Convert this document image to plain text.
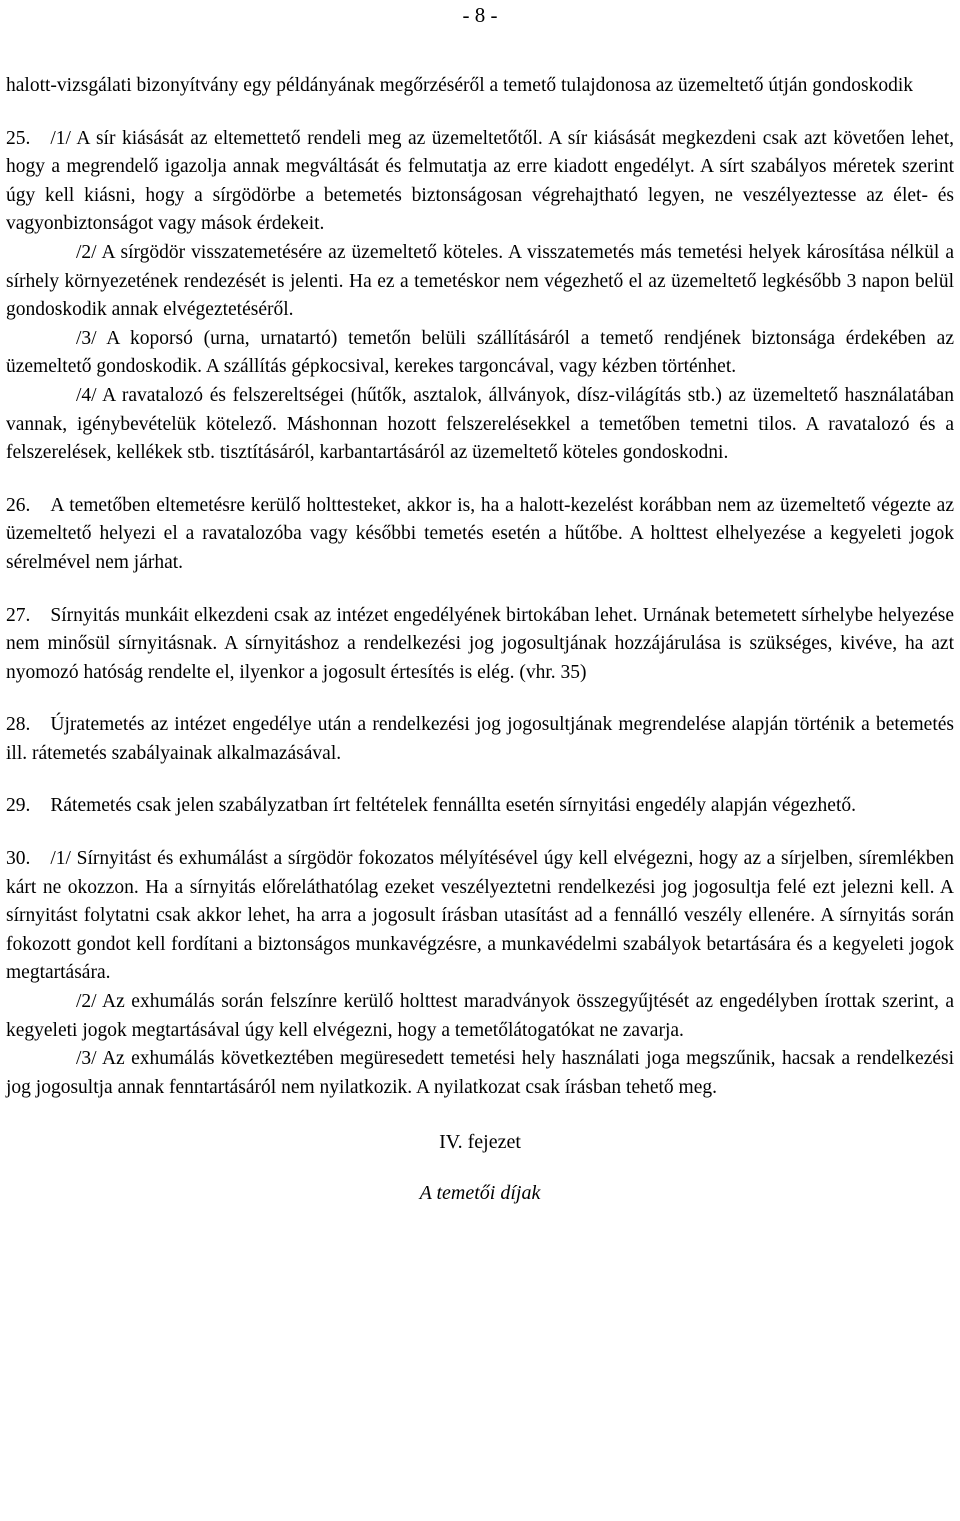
- 8 -

halott-vizsgálati bizonyítvány egy példányának megőrzéséről a temető tulajdonosa az üzemeltető útján gondoskodik

25. /1/ A sír kiásását az eltemettető rendeli meg az üzemeltetőtől. A sír kiásását megkezdeni csak azt követően lehet, hogy a megrendelő igazolja annak megváltását és felmutatja az erre kiadott engedélyt. A sírt szabályos méretek szerint úgy kell kiásni, hogy a sírgödörbe a betemetés biztonságosan végrehajtható legyen, ne veszélyeztesse az élet- és vagyonbiztonságot vagy mások érdekeit.

/2/ A sírgödör visszatemetésére az üzemeltető köteles. A visszatemetés más temetési helyek károsítása nélkül a sírhely környezetének rendezését is jelenti. Ha ez a temetéskor nem végezhető el az üzemeltető legkésőbb 3 napon belül gondoskodik annak elvégeztetéséről.

/3/ A koporsó (urna, urnatartó) temetőn belüli szállításáról a temető rendjének biztonsága érdekében az üzemeltető gondoskodik. A szállítás gépkocsival, kerekes targoncával, vagy kézben történhet.

/4/ A ravatalozó és felszereltségei (hűtők, asztalok, állványok, dísz-világítás stb.) az üzemeltető használatában vannak, igénybevételük kötelező. Máshonnan hozott felszerelésekkel a temetőben temetni tilos. A ravatalozó és a felszerelések, kellékek stb. tisztításáról, karbantartásáról az üzemeltető köteles gondoskodni.

26. A temetőben eltemetésre kerülő holttesteket, akkor is, ha a halott-kezelést korábban nem az üzemeltető végezte az üzemeltető helyezi el a ravatalozóba vagy későbbi temetés esetén a hűtőbe. A holttest elhelyezése a kegyeleti jogok sérelmével nem járhat.

27. Sírnyitás munkáit elkezdeni csak az intézet engedélyének birtokában lehet. Urnának betemetett sírhelybe helyezése nem minősül sírnyitásnak. A sírnyitáshoz a rendelkezési jog jogosultjának hozzájárulása is szükséges, kivéve, ha azt nyomozó hatóság rendelte el, ilyenkor a jogosult értesítés is elég. (vhr. 35)

28. Újratemetés az intézet engedélye után a rendelkezési jog jogosultjának megrendelése alapján történik a betemetés ill. rátemetés szabályainak alkalmazásával.

29. Rátemetés csak jelen szabályzatban írt feltételek fennállta esetén sírnyitási engedély alapján végezhető.

30. /1/ Sírnyitást és exhumálást a sírgödör fokozatos mélyítésével úgy kell elvégezni, hogy az a sírjelben, síremlékben kárt ne okozzon. Ha a sírnyitás előreláthatólag ezeket veszélyeztetni rendelkezési jog jogosultja felé ezt jelezni kell. A sírnyitást folytatni csak akkor lehet, ha arra a jogosult írásban utasítást ad a fennálló veszély ellenére. A sírnyitás során fokozott gondot kell fordítani a biztonságos munkavégzésre, a munkavédelmi szabályok betartására és a kegyeleti jogok megtartására.

/2/ Az exhumálás során felszínre kerülő holttest maradványok összegyűjtését az engedélyben írottak szerint, a kegyeleti jogok megtartásával úgy kell elvégezni, hogy a temetőlátogatókat ne zavarja.

/3/ Az exhumálás következtében megüresedett temetési hely használati joga megszűnik, hacsak a rendelkezési jog jogosultja annak fenntartásáról nem nyilatkozik. A nyilatkozat csak írásban tehető meg.

IV. fejezet
A temetői díjak
